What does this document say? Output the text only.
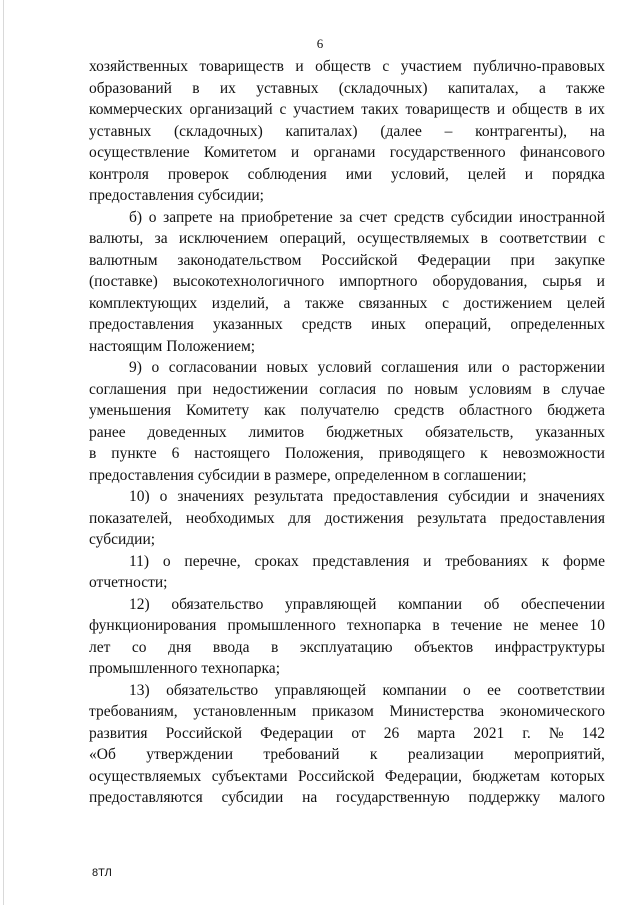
6
хозяйственных товариществ и обществ с участием публично-правовых
образований в их уставных (складочных) капиталах, а также
коммерческих организаций с участием таких товариществ и обществ в их
уставных (складочных) капиталах) (далее – контрагенты), на
осуществление Комитетом и органами государственного финансового
контроля проверок соблюдения ими условий, целей и порядка
предоставления субсидии;
б) о запрете на приобретение за счет средств субсидии иностранной
валюты, за исключением операций, осуществляемых в соответствии с
валютным законодательством Российской Федерации при закупке
(поставке) высокотехнологичного импортного оборудования, сырья и
комплектующих изделий, а также связанных с достижением целей
предоставления указанных средств иных операций, определенных
настоящим Положением;
9) о согласовании новых условий соглашения или о расторжении
соглашения при недостижении согласия по новым условиям в случае
уменьшения Комитету как получателю средств областного бюджета
ранее доведенных лимитов бюджетных обязательств, указанных
в пункте 6 настоящего Положения, приводящего к невозможности
предоставления субсидии в размере, определенном в соглашении;
10) о значениях результата предоставления субсидии и значениях
показателей, необходимых для достижения результата предоставления
субсидии;
11) о перечне, сроках представления и требованиях к форме
отчетности;
12) обязательство управляющей компании об обеспечении
функционирования промышленного технопарка в течение не менее 10
лет со дня ввода в эксплуатацию объектов инфраструктуры
промышленного технопарка;
13) обязательство управляющей компании о ее соответствии
требованиям, установленным приказом Министерства экономического
развития Российской Федерации от 26 марта 2021 г. № 142
«Об утверждении требований к реализации мероприятий,
осуществляемых субъектами Российской Федерации, бюджетам которых
предоставляются субсидии на государственную поддержку малого
8ТЛ
